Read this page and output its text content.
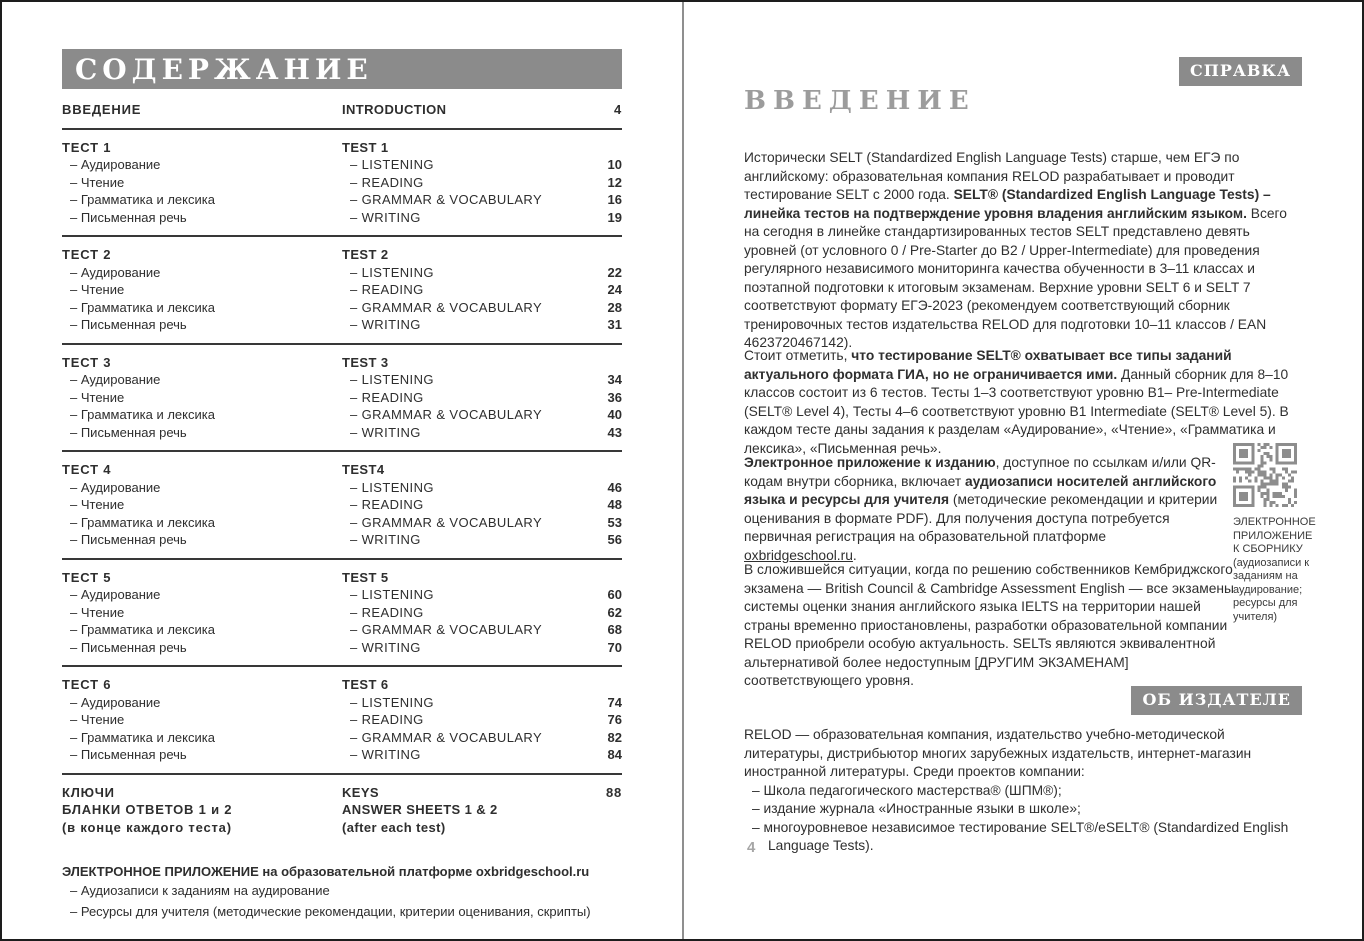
СОДЕРЖАНИЕ
ВВЕДЕНИЕ	INTRODUCTION	4
ТЕСТ 1	TEST 1
– Аудирование	– LISTENING	10
– Чтение	– READING	12
– Грамматика и лексика	– GRAMMAR & VOCABULARY	16
– Письменная речь	– WRITING	19
ТЕСТ 2	TEST 2
– Аудирование	– LISTENING	22
– Чтение	– READING	24
– Грамматика и лексика	– GRAMMAR & VOCABULARY	28
– Письменная речь	– WRITING	31
ТЕСТ 3	TEST 3
– Аудирование	– LISTENING	34
– Чтение	– READING	36
– Грамматика и лексика	– GRAMMAR & VOCABULARY	40
– Письменная речь	– WRITING	43
ТЕСТ 4	TEST4
– Аудирование	– LISTENING	46
– Чтение	– READING	48
– Грамматика и лексика	– GRAMMAR & VOCABULARY	53
– Письменная речь	– WRITING	56
ТЕСТ 5	TEST 5
– Аудирование	– LISTENING	60
– Чтение	– READING	62
– Грамматика и лексика	– GRAMMAR & VOCABULARY	68
– Письменная речь	– WRITING	70
ТЕСТ 6	TEST 6
– Аудирование	– LISTENING	74
– Чтение	– READING	76
– Грамматика и лексика	– GRAMMAR & VOCABULARY	82
– Письменная речь	– WRITING	84
КЛЮЧИ	KEYS	88
БЛАНКИ ОТВЕТОВ 1 и 2	ANSWER SHEETS 1 & 2
(в конце каждого теста)	(after each test)
ЭЛЕКТРОННОЕ ПРИЛОЖЕНИЕ на образовательной платформе oxbridgeschool.ru
– Аудиозаписи к заданиям на аудирование
– Ресурсы для учителя (методические рекомендации, критерии оценивания, скрипты)
СПРАВКА
ВВЕДЕНИЕ
Исторически SELT (Standardized English Language Tests) старше, чем ЕГЭ по английскому: образовательная компания RELOD разрабатывает и проводит тестирование SELT с 2000 года. SELT® (Standardized English Language Tests) – линейка тестов на подтверждение уровня владения английским языком. Всего на сегодня в линейке стандартизированных тестов SELT представлено девять уровней (от условного 0 / Pre-Starter до B2 / Upper-Intermediate) для проведения регулярного независимого мониторинга качества обученности в 3–11 классах и поэтапной подготовки к итоговым экзаменам. Верхние уровни SELT 6 и SELT 7 соответствуют формату ЕГЭ-2023 (рекомендуем соответствующий сборник тренировочных тестов издательства RELOD для подготовки 10–11 классов / EAN 4623720467142).
Стоит отметить, что тестирование SELT® охватывает все типы заданий актуального формата ГИА, но не ограничивается ими. Данный сборник для 8–10 классов состоит из 6 тестов. Тесты 1–3 соответствуют уровню B1– Pre-Intermediate (SELT® Level 4), Тесты 4–6 соответствуют уровню B1 Intermediate (SELT® Level 5). В каждом тесте даны задания к разделам «Аудирование», «Чтение», «Грамматика и лексика», «Письменная речь».
Электронное приложение к изданию, доступное по ссылкам и/или QR-кодам внутри сборника, включает аудиозаписи носителей английского языка и ресурсы для учителя (методические рекомендации и критерии оценивания в формате PDF). Для получения доступа потребуется первичная регистрация на образовательной платформе oxbridgeschool.ru.
В сложившейся ситуации, когда по решению собственников Кембриджского экзамена — British Council & Cambridge Assessment English — все экзамены системы оценки знания английского языка IELTS на территории нашей страны временно приостановлены, разработки образовательной компании RELOD приобрели особую актуальность. SELTs являются эквивалентной альтернативой более недоступным [ДРУГИМ ЭКЗАМЕНАМ] соответствующего уровня.
ЭЛЕКТРОННОЕ ПРИЛОЖЕНИЕ К СБОРНИКУ (аудиозаписи к заданиям на аудирование; ресурсы для учителя)
ОБ ИЗДАТЕЛЕ
RELOD — образовательная компания, издательство учебно-методической литературы, дистрибьютор многих зарубежных издательств, интернет-магазин иностранной литературы. Среди проектов компании:
– Школа педагогического мастерства® (ШПМ®);
– издание журнала «Иностранные языки в школе»;
– многоуровневое независимое тестирование SELT®/eSELT® (Standardized English Language Tests).
4
